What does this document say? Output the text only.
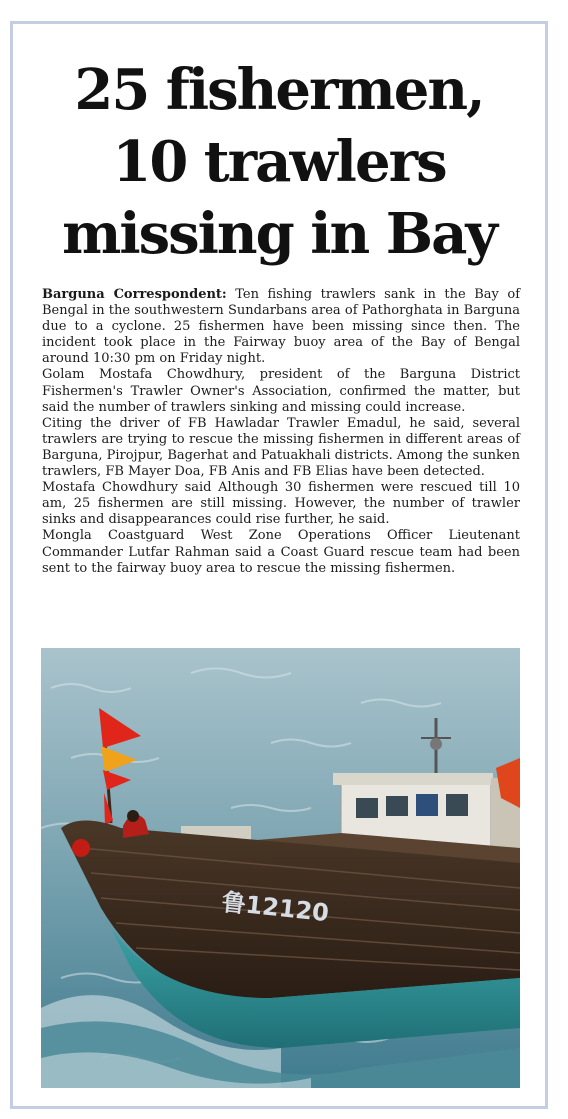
25 fishermen,
10 trawlers
missing in Bay

Barguna Correspondent: Ten fishing trawlers sank in the Bay of Bengal in the southwestern Sundarbans area of Pathorghata in Barguna due to a cyclone. 25 fishermen have been missing since then. The incident took place in the Fairway buoy area of the Bay of Bengal around 10:30 pm on Friday night.

Golam Mostafa Chowdhury, president of the Barguna District Fishermen's Trawler Owner's Association, confirmed the matter, but said the number of trawlers sinking and missing could increase.

Citing the driver of FB Hawladar Trawler Emadul, he said, several trawlers are trying to rescue the missing fishermen in different areas of Barguna, Pirojpur, Bagerhat and Patuakhali districts. Among the sunken trawlers, FB Mayer Doa, FB Anis and FB Elias have been detected.

Mostafa Chowdhury said Although 30 fishermen were rescued till 10 am, 25 fishermen are still missing. However, the number of trawler sinks and disappearances could rise further, he said.

Mongla Coastguard West Zone Operations Officer Lieutenant Commander Lutfar Rahman said a Coast Guard rescue team had been sent to the fairway buoy area to rescue the missing fishermen.

鲁12120
